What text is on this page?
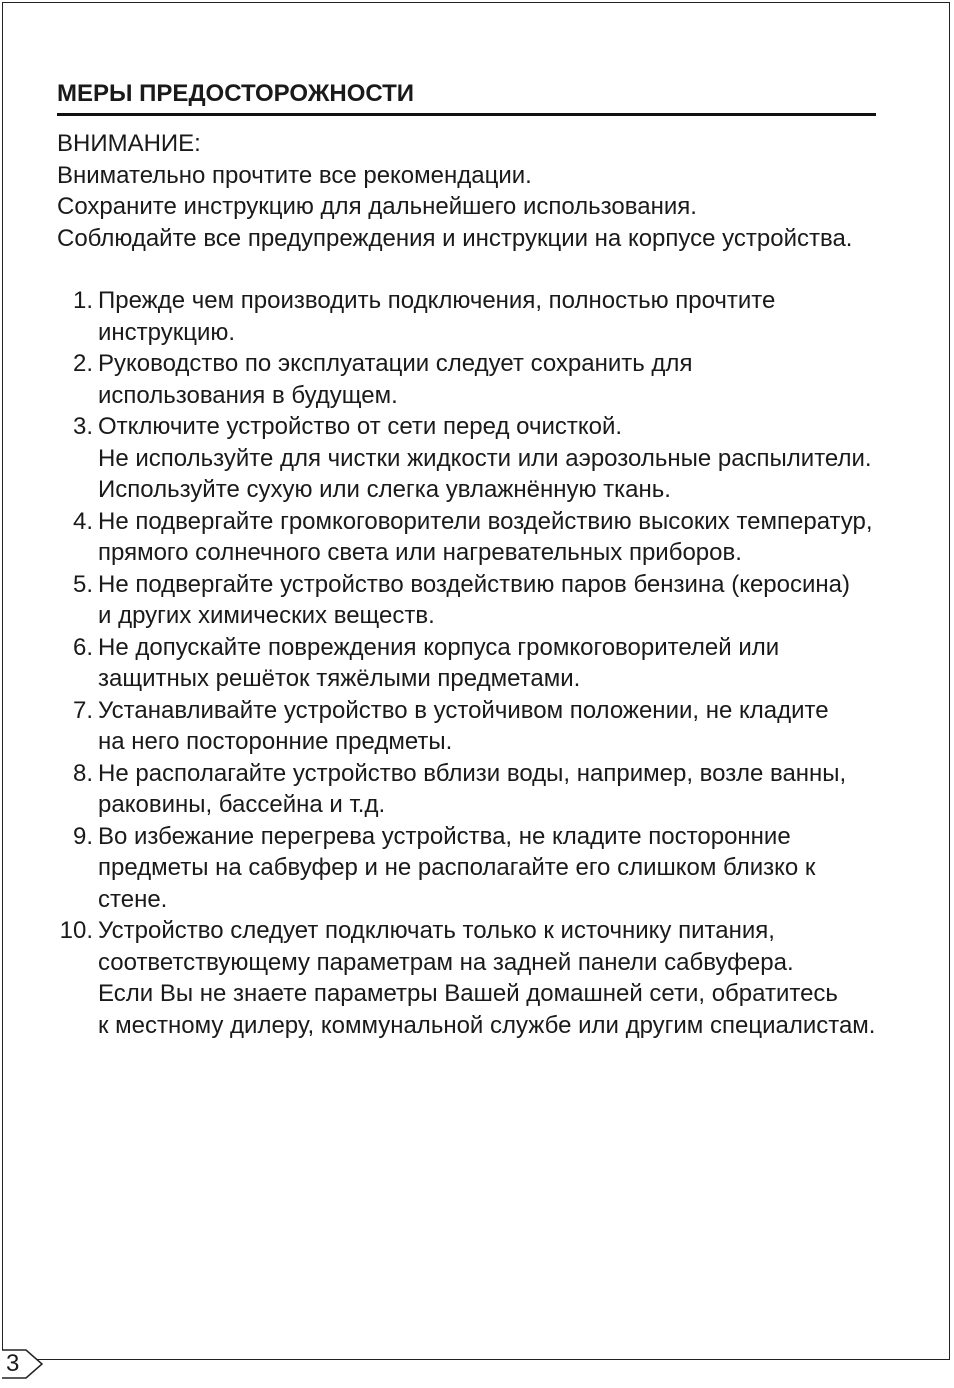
МЕРЫ ПРЕДОСТОРОЖНОСТИ

ВНИМАНИЕ:

Внимательно прочтите все рекомендации.

Сохраните инструкцию для дальнейшего использования.

Соблюдайте все предупреждения и инструкции на корпусе устройства.

1. Прежде чем производить подключения, полностью прочтите
инструкцию.
2. Руководство по эксплуатации следует сохранить для
использования в будущем.
3. Отключите устройство от сети перед очисткой.
Не используйте для чистки жидкости или аэрозольные распылители.
Используйте сухую или слегка увлажнённую ткань.
4. Не подвергайте громкоговорители воздействию высоких температур,
прямого солнечного света или нагревательных приборов.
5. Не подвергайте устройство воздействию паров бензина (керосина)
и других химических веществ.
6. Не допускайте повреждения корпуса громкоговорителей или
защитных решёток тяжёлыми предметами.
7. Устанавливайте устройство в устойчивом положении, не кладите
на него посторонние предметы.
8. Не располагайте устройство вблизи воды, например, возле ванны,
раковины, бассейна и т.д.
9. Во избежание перегрева устройства, не кладите посторонние
предметы на сабвуфер и не располагайте его слишком близко к
стене.
10. Устройство следует подключать только к источнику питания,
соответствующему параметрам на задней панели сабвуфера.
Если Вы не знаете параметры Вашей домашней сети, обратитесь
к местному дилеру, коммунальной службе или другим специалистам.
3
